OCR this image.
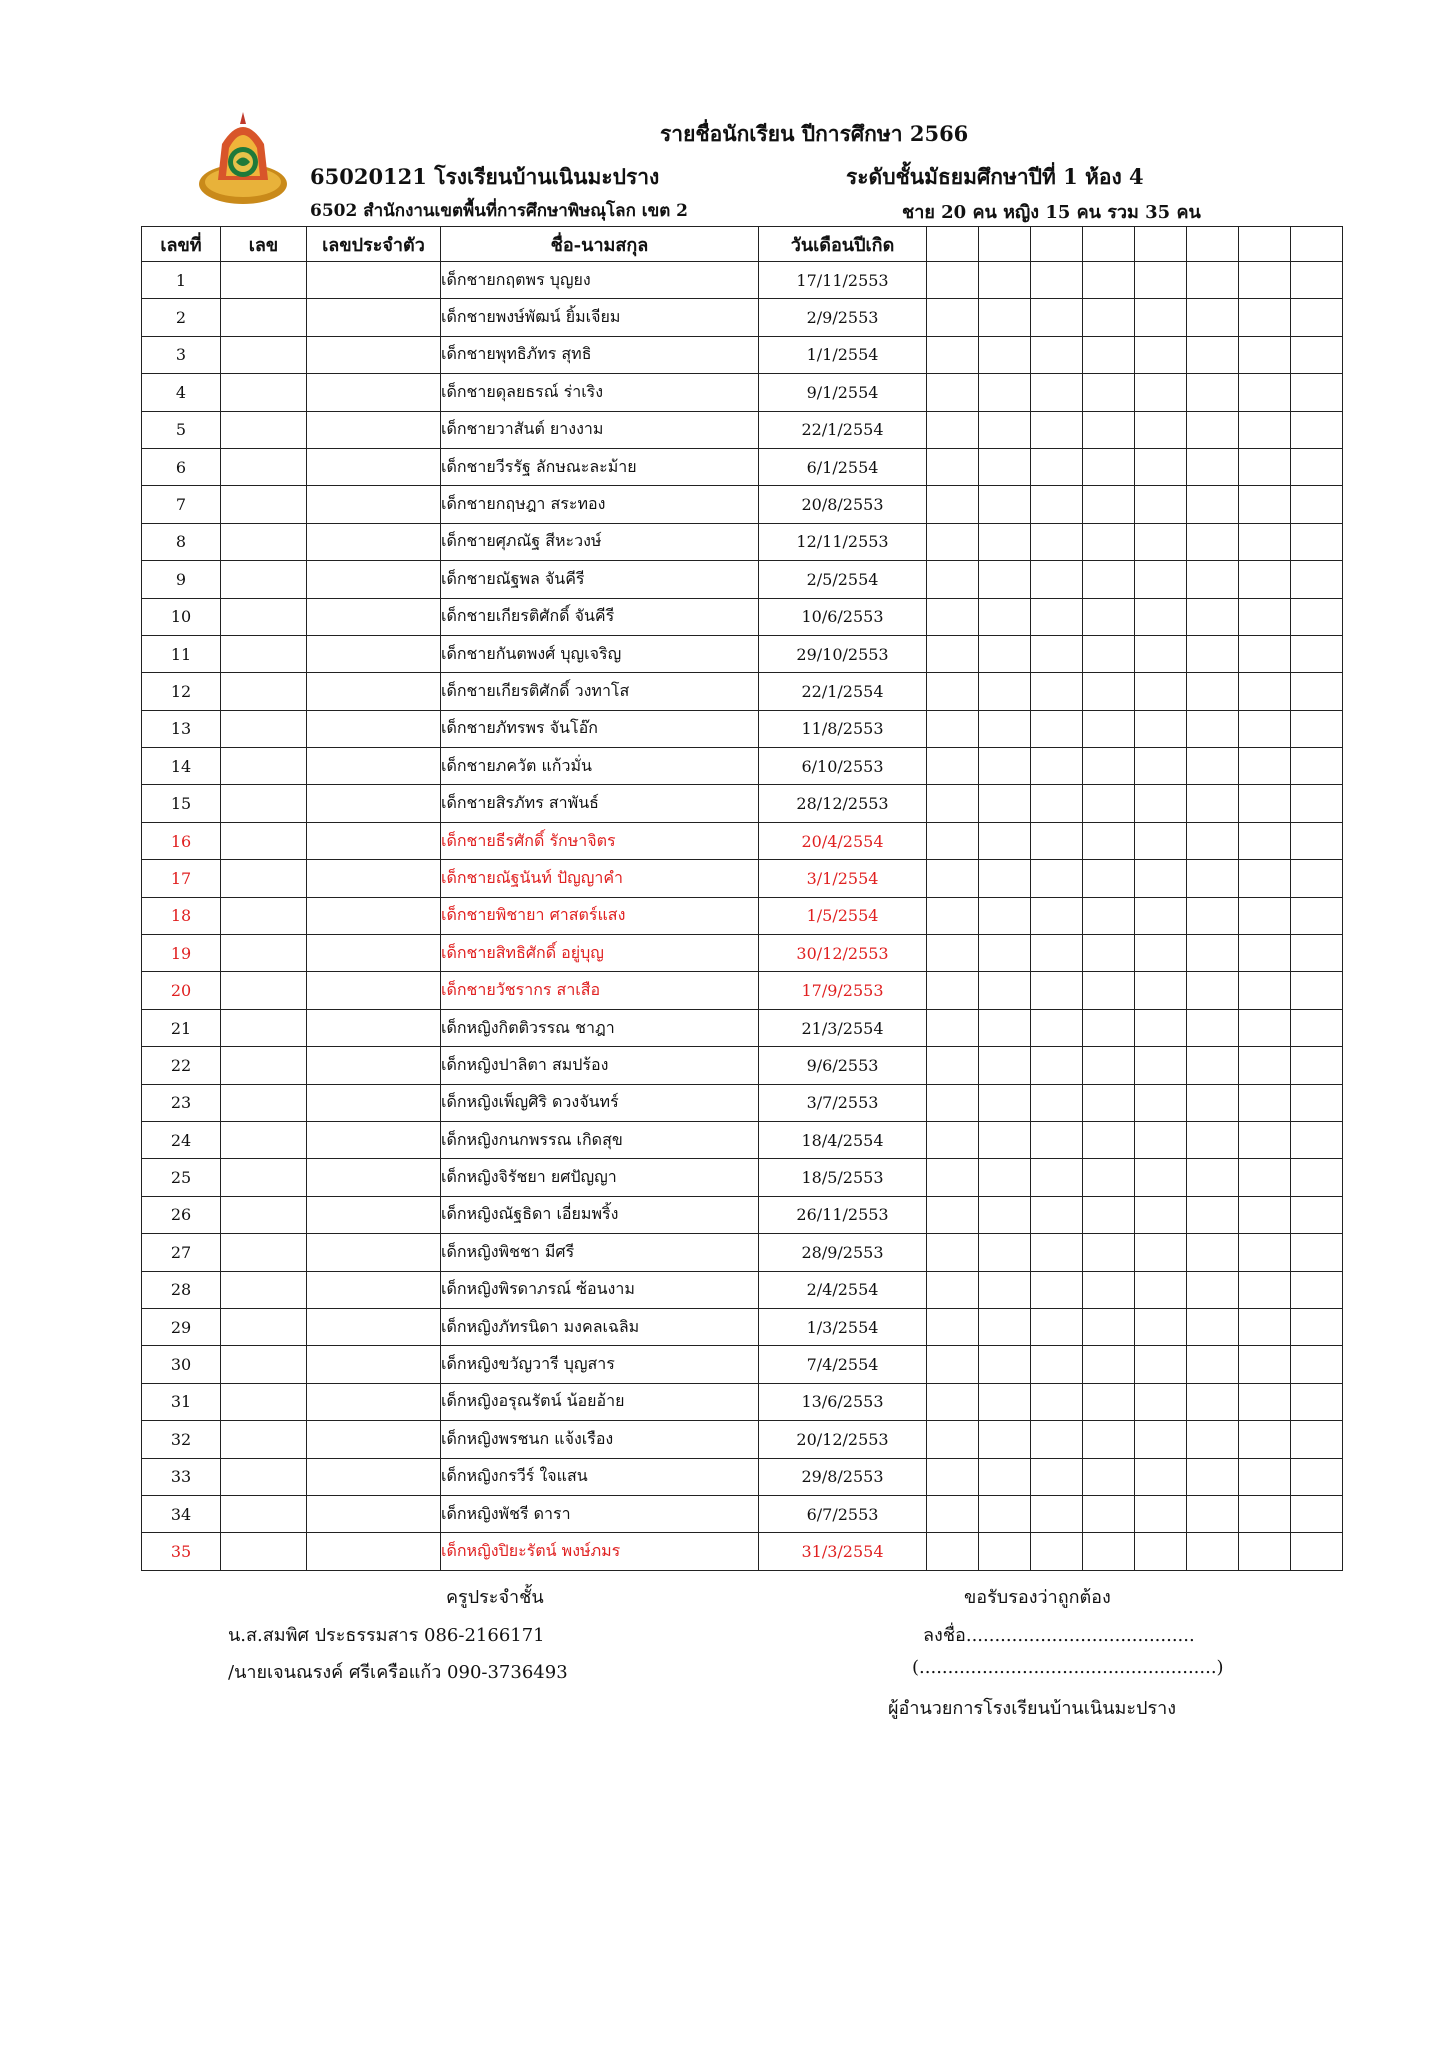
รายชื่อนักเรียน ปีการศึกษา 2566
65020121 โรงเรียนบ้านเนินมะปราง	ระดับชั้นมัธยมศึกษาปีที่ 1 ห้อง 4
6502 สำนักงานเขตพื้นที่การศึกษาพิษณุโลก เขต 2	ชาย 20 คน หญิง 15 คน รวม 35 คน
เลขที่	เลข	เลขประจำตัว	ชื่อ-นามสกุล	วันเดือนปีเกิด								
1			เด็กชายกฤตพร บุญยง	17/11/2553								
2			เด็กชายพงษ์พัฒน์ ยิ้มเจียม	2/9/2553								
3			เด็กชายพุทธิภัทร สุทธิ	1/1/2554								
4			เด็กชายดุลยธรณ์ ร่าเริง	9/1/2554								
5			เด็กชายวาสันต์ ยางงาม	22/1/2554								
6			เด็กชายวีรรัฐ ลักษณะละม้าย	6/1/2554								
7			เด็กชายกฤษฎา สระทอง	20/8/2553								
8			เด็กชายศุภณัฐ สีหะวงษ์	12/11/2553								
9			เด็กชายณัฐพล จันคีรี	2/5/2554								
10			เด็กชายเกียรติศักดิ์ จันคีรี	10/6/2553								
11			เด็กชายกันตพงศ์ บุญเจริญ	29/10/2553								
12			เด็กชายเกียรติศักดิ์ วงทาโส	22/1/2554								
13			เด็กชายภัทรพร จันโอ๊ก	11/8/2553								
14			เด็กชายภควัต แก้วมั่น	6/10/2553								
15			เด็กชายสิรภัทร สาพันธ์	28/12/2553								
16			เด็กชายธีรศักดิ์ รักษาจิตร	20/4/2554								
17			เด็กชายณัฐนันท์ ปัญญาคำ	3/1/2554								
18			เด็กชายพิชายา ศาสตร์แสง	1/5/2554								
19			เด็กชายสิทธิศักดิ์ อยู่บุญ	30/12/2553								
20			เด็กชายวัชรากร สาเสือ	17/9/2553								
21			เด็กหญิงกิตติวรรณ ชาฎา	21/3/2554								
22			เด็กหญิงปาลิตา สมปร้อง	9/6/2553								
23			เด็กหญิงเพ็ญศิริ ดวงจันทร์	3/7/2553								
24			เด็กหญิงกนกพรรณ เกิดสุข	18/4/2554								
25			เด็กหญิงจิรัชยา ยศปัญญา	18/5/2553								
26			เด็กหญิงณัฐธิดา เอี่ยมพริ้ง	26/11/2553								
27			เด็กหญิงพิชชา มีศรี	28/9/2553								
28			เด็กหญิงพิรดาภรณ์ ซ้อนงาม	2/4/2554								
29			เด็กหญิงภัทรนิดา มงคลเฉลิม	1/3/2554								
30			เด็กหญิงขวัญวารี บุญสาร	7/4/2554								
31			เด็กหญิงอรุณรัตน์ น้อยอ้าย	13/6/2553								
32			เด็กหญิงพรชนก แจ้งเรือง	20/12/2553								
33			เด็กหญิงกรวีร์ ใจแสน	29/8/2553								
34			เด็กหญิงพัชรี ดารา	6/7/2553								
35			เด็กหญิงปิยะรัตน์ พงษ์ภมร	31/3/2554								
ครูประจำชั้น
น.ส.สมพิศ ประธรรมสาร 086-2166171
/นายเจนณรงค์ ศรีเครือแก้ว 090-3736493
ขอรับรองว่าถูกต้อง
ลงชื่อ........................................
(....................................................)
ผู้อำนวยการโรงเรียนบ้านเนินมะปราง
